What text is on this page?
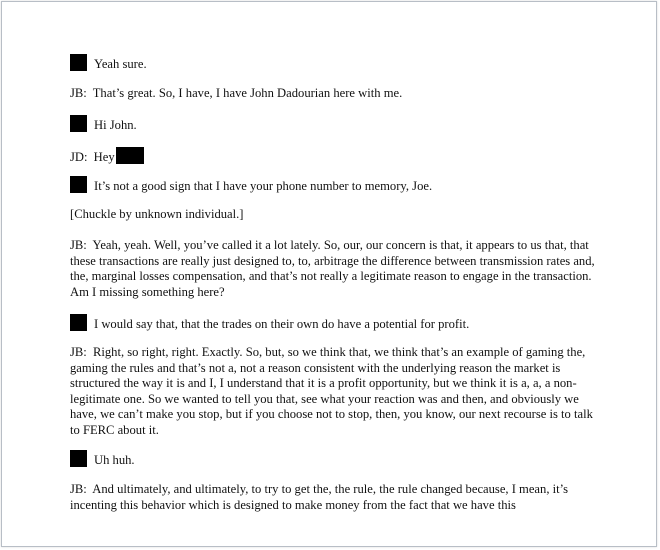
Yeah sure.

JB: That’s great. So, I have, I have John Dadourian here with me.

Hi John.

JD: Hey

It’s not a good sign that I have your phone number to memory, Joe.

[Chuckle by unknown individual.]

JB: Yeah, yeah. Well, you’ve called it a lot lately. So, our, our concern is that, it appears to us that, that these transactions are really just designed to, to, arbitrage the difference between transmission rates and, the, marginal losses compensation, and that’s not really a legitimate reason to engage in the transaction. Am I missing something here?

I would say that, that the trades on their own do have a potential for profit.

JB: Right, so right, right. Exactly. So, but, so we think that, we think that’s an example of gaming the, gaming the rules and that’s not a, not a reason consistent with the underlying reason the market is structured the way it is and I, I understand that it is a profit opportunity, but we think it is a, a, a non-legitimate one. So we wanted to tell you that, see what your reaction was and then, and obviously we have, we can’t make you stop, but if you choose not to stop, then, you know, our next recourse is to talk to FERC about it.

Uh huh.

JB: And ultimately, and ultimately, to try to get the, the rule, the rule changed because, I mean, it’s incenting this behavior which is designed to make money from the fact that we have this
